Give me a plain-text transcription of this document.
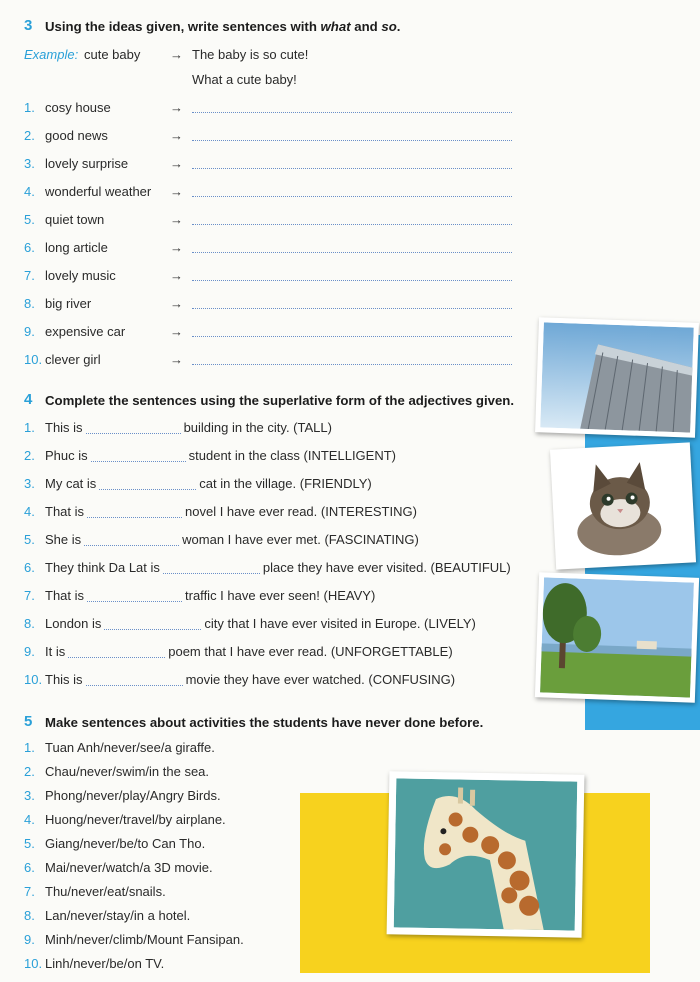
3 Using the ideas given, write sentences with what and so.
Example: cute baby → The baby is so cute!
What a cute baby!
1. cosy house	→
2. good news	→
3. lovely surprise	→
4. wonderful weather →
5. quiet town	→
6. long article	→
7. lovely music	→
8. big river	→
9. expensive car	→
10. clever girl	→
4 Complete the sentences using the superlative form of the adjectives given.
1. This is	building in the city. (TALL)
2. Phuc is	student in the class (INTELLIGENT)
3. My cat is	cat in the village. (FRIENDLY)
4. That is	novel I have ever read. (INTERESTING)
5. She is	woman I have ever met. (FASCINATING)
6. They think Da Lat is	place they have ever visited. (BEAUTIFUL)
7. That is	traffic I have ever seen! (HEAVY)
8. London is	city that I have ever visited in Europe. (LIVELY)
9. It is	poem that I have ever read. (UNFORGETTABLE)
10. This is	movie they have ever watched. (CONFUSING)
5 Make sentences about activities the students have never done before.
1. Tuan Anh/never/see/a giraffe.
2. Chau/never/swim/in the sea.
3. Phong/never/play/Angry Birds.
4. Huong/never/travel/by airplane.
5. Giang/never/be/to Can Tho.
6. Mai/never/watch/a 3D movie.
7. Thu/never/eat/snails.
8. Lan/never/stay/in a hotel.
9. Minh/never/climb/Mount Fansipan.
10. Linh/never/be/on TV.
